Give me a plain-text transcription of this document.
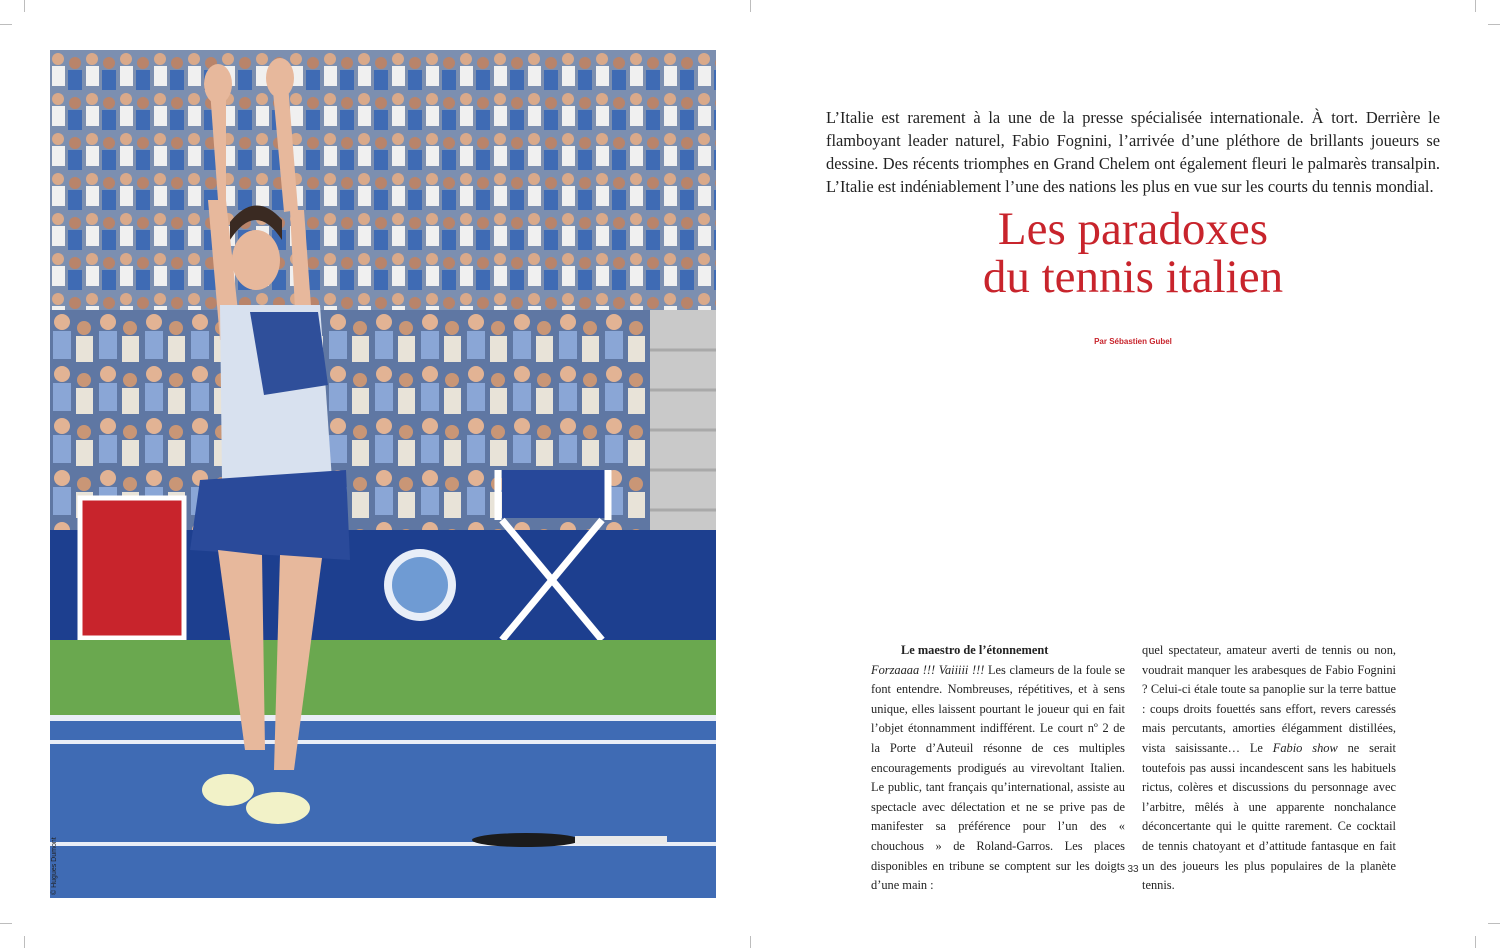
© Hugues Dumont
L’Italie est rarement à la une de la presse spécialisée internationale. À tort. Derrière le flamboyant leader naturel, Fabio Fognini, l’arrivée d’une pléthore de brillants joueurs se dessine. Des récents triomphes en Grand Chelem ont également fleuri le palmarès transalpin. L’Italie est indéniablement l’une des nations les plus en vue sur les courts du tennis mondial.
Les paradoxes
du tennis italien
Par Sébastien Gubel

Le maestro de l’étonnement
Forzaaaa !!! Vaiiiii !!! Les clameurs de la foule se font entendre. Nombreuses, répétitives, et à sens unique, elles laissent pourtant le joueur qui en fait l’objet étonnamment indifférent. Le court nº 2 de la Porte d’Auteuil résonne de ces multiples encouragements prodigués au virevoltant Italien. Le public, tant français qu’international, assiste au spectacle avec délectation et ne se prive pas de manifester sa préférence pour l’un des « chouchous » de Roland-Garros. Les places disponibles en tribune se comptent sur les doigts d’une main :

quel spectateur, amateur averti de tennis ou non, voudrait manquer les arabesques de Fabio Fognini ? Celui-ci étale toute sa panoplie sur la terre battue : coups droits fouettés sans effort, revers caressés mais percutants, amorties élégamment distillées, vista saisissante… Le Fabio show ne serait toutefois pas aussi incandescent sans les habituels rictus, colères et discussions du personnage avec l’arbitre, mêlés à une apparente nonchalance déconcertante qui le quitte rarement. Ce cocktail de tennis chatoyant et d’attitude fantasque en fait un des joueurs les plus populaires de la planète tennis.

33
